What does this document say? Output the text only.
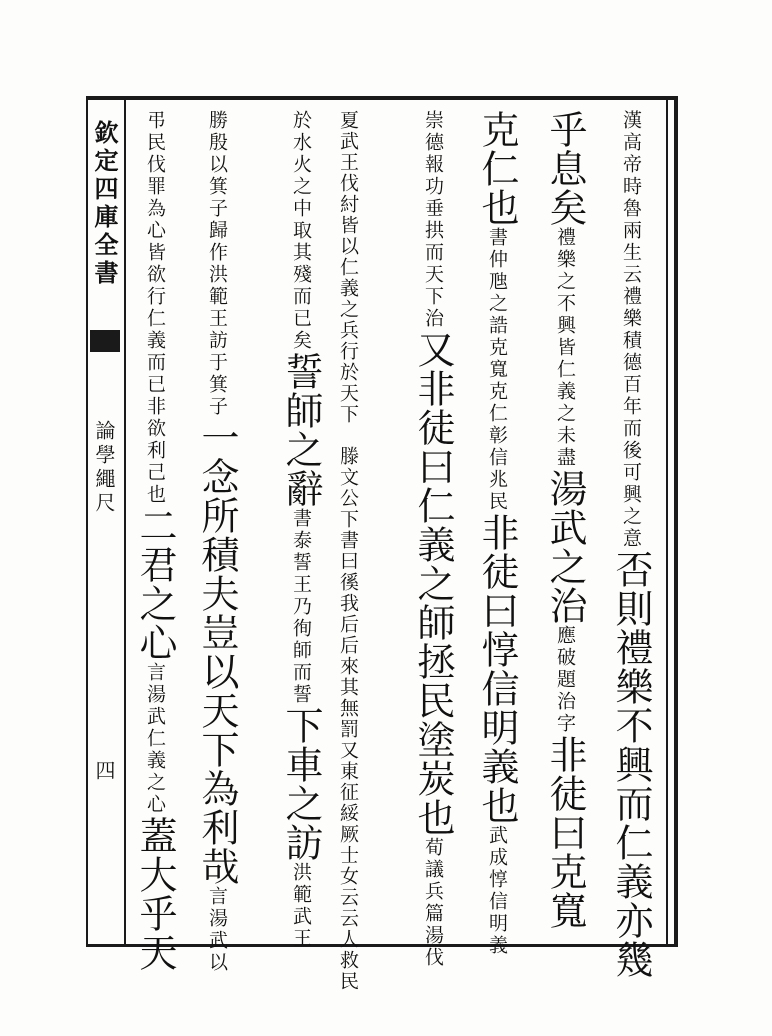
欽定四庫全書
論學繩尺
四
漢高帝時魯兩生云禮樂積德百年而後可興之意否則禮樂不興而仁義亦幾
乎息矣禮樂之不興皆仁義之未盡湯武之治應破題治字非徒曰克寬
克仁也書仲虺之誥克寬克仁彰信兆民非徒曰惇信明義也武成惇信明義
崇德報功垂拱而天下治又非徒曰仁義之師拯民塗炭也荀議兵篇湯伐
夏武王伐紂皆以仁義之兵行於天下　滕文公下書曰徯我后后來其無罰又東征綏厥士女云云人救民
於水火之中取其殘而已矣誓師之辭書泰誓王乃徇師而誓下車之訪洪範武王
勝殷以箕子歸作洪範王訪于箕子一念所積夫豈以天下為利哉言湯武以
弔民伐罪為心皆欲行仁義而已非欲利己也二君之心言湯武仁義之心蓋大乎天
